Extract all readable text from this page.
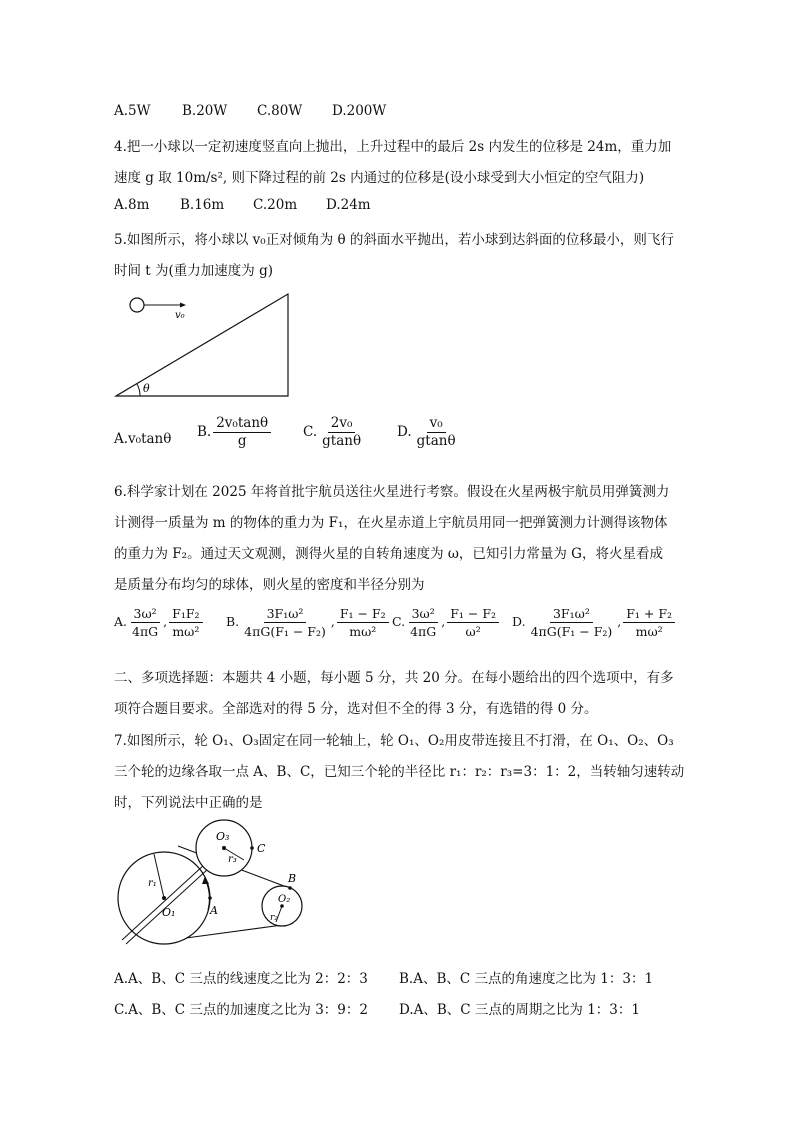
A.5W B.20W C.80W D.200W
4.把一小球以一定初速度竖直向上抛出，上升过程中的最后 2s 内发生的位移是 24m，重力加
速度 g 取 10m/s², 则下降过程的前 2s 内通过的位移是(设小球受到大小恒定的空气阻力)
A.8m B.16m C.20m D.24m
5.如图所示，将小球以 v₀正对倾角为 θ 的斜面水平抛出，若小球到达斜面的位移最小，则飞行
时间 t 为(重力加速度为 g)
v₀
θ
A.v₀tanθ B. $\frac{\text{2v₀tanθ}}{g} C$. $\frac{\text{2v₀}}{gtan\theta} D$. $\frac{\text{v₀}}{gtan\theta}$
6.科学家计划在 2025 年将首批宇航员送往火星进行考察。假设在火星两极宇航员用弹簧测力
计测得一质量为 m 的物体的重力为 F₁，在火星赤道上宇航员用同一把弹簧测力计测得该物体
的重力为 F₂。通过天文观测，测得火星的自转角速度为 ω，已知引力常量为 G，将火星看成
是质量分布均匀的球体，则火星的密度和半径分别为
A. $\frac{\text{3ω²}}{4\pi G}$ , $\frac{\text{F₁F₂}}{\text{mω²}} B$. $\frac{\text{3F₁ω²}}{\text{4πG(F₁ − F₂)}}$ , $\frac{\text{F₁ − F₂}}{\text{mω²}} C$. $\frac{\text{3ω²}}{4\pi G}$ , $\frac{\text{F₁ − F₂}}{\text{ω²}} D$. $\frac{\text{3F₁ω²}}{\text{4πG(F₁ − F₂)}}$ , $\frac{\text{F₁ + F₂}}{\text{mω²}}$
二、多项选择题：本题共 4 小题，每小题 5 分，共 20 分。在每小题给出的四个选项中，有多
项符合题目要求。全部选对的得 5 分，选对但不全的得 3 分，有选错的得 0 分。
7.如图所示，轮 O₁、O₃固定在同一轮轴上，轮 O₁、O₂用皮带连接且不打滑，在 O₁、O₂、O₃
三个轮的边缘各取一点 A、B、C，已知三个轮的半径比 r₁：r₂：r₃=3：1：2，当转轴匀速转动
时，下列说法中正确的是
O₁
r₁
A
O₃
r₃
C
B
O₂
r₂
A.A、B、C 三点的线速度之比为 2：2：3 B.A、B、C 三点的角速度之比为 1：3：1
C.A、B、C 三点的加速度之比为 3：9：2 D.A、B、C 三点的周期之比为 1：3：1
